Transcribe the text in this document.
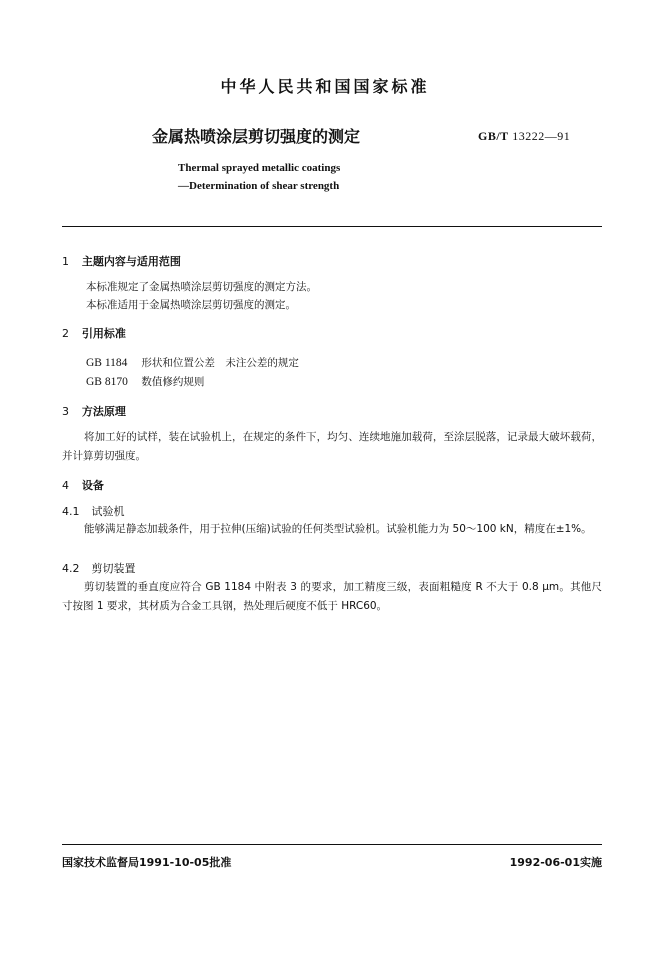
中华人民共和国国家标准
金属热喷涂层剪切强度的测定	GB/T 13222—91
Thermal sprayed metallic coatings
—Determination of shear strength
1 主题内容与适用范围
本标准规定了金属热喷涂层剪切强度的测定方法。
本标准适用于金属热喷涂层剪切强度的测定。
2 引用标准
GB 1184 形状和位置公差　未注公差的规定
GB 8170 数值修约规则
3 方法原理
将加工好的试样，装在试验机上，在规定的条件下，均匀、连续地施加载荷，至涂层脱落，记录最大破坏载荷，并计算剪切强度。
4 设备
4.1 试验机
能够满足静态加载条件，用于拉伸(压缩)试验的任何类型试验机。试验机能力为 50～100 kN，精度在±1%。
4.2 剪切装置
剪切装置的垂直度应符合 GB 1184 中附表 3 的要求，加工精度三级，表面粗糙度 R 不大于 0.8 μm。其他尺寸按图 1 要求，其材质为合金工具钢，热处理后硬度不低于 HRC60。
国家技术监督局1991-10-05批准	1992-06-01实施
